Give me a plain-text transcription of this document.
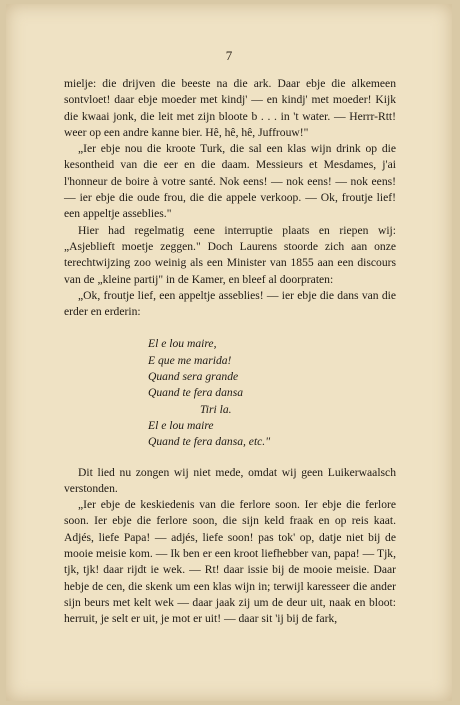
7

mielje: die drijven die beeste na die ark. Daar ebje die alkemeen sontvloet! daar ebje moeder met kindj' — en kindj' met moeder! Kijk die kwaai jonk, die leit met zijn bloote b . . . in 't water. — Herrr-Rtt! weer op een andre kanne bier. Hê, hê, hê, Juffrouw!"

„Ier ebje nou die kroote Turk, die sal een klas wijn drink op die kesontheid van die eer en die daam. Messieurs et Mesdames, j'ai l'honneur de boire à votre santé. Nok eens! — nok eens! — nok eens! — ier ebje die oude frou, die die appele verkoop. — Ok, froutje lief! een appeltje asseblies."

Hier had regelmatig eene interruptie plaats en riepen wij: „Asjeblieft moetje zeggen." Doch Laurens stoorde zich aan onze terechtwijzing zoo weinig als een Minister van 1855 aan een discours van de „kleine partij" in de Kamer, en bleef al doorpraten:

„Ok, froutje lief, een appeltje asseblies! — ier ebje die dans van die erder en erderin:

El e lou maire,
E que me marida!
Quand sera grande
Quand te fera dansa
Tiri la.
El e lou maire
Quand te fera dansa, etc."

Dit lied nu zongen wij niet mede, omdat wij geen Luikerwaalsch verstonden.

„Ier ebje de keskiedenis van die ferlore soon. Ier ebje die ferlore soon. Ier ebje die ferlore soon, die sijn keld fraak en op reis kaat. Adjés, liefe Papa! — adjés, liefe soon! pas tok' op, datje niet bij de mooie meisie kom. — Ik ben er een kroot liefhebber van, papa! — Tjk, tjk, tjk! daar rijdt ie wek. — Rt! daar issie bij de mooie meisie. Daar hebje de cen, die skenk um een klas wijn in; terwijl karesseer die ander sijn beurs met kelt wek — daar jaak zij um de deur uit, naak en bloot: herruit, je selt er uit, je mot er uit! — daar sit 'ij bij de fark,
